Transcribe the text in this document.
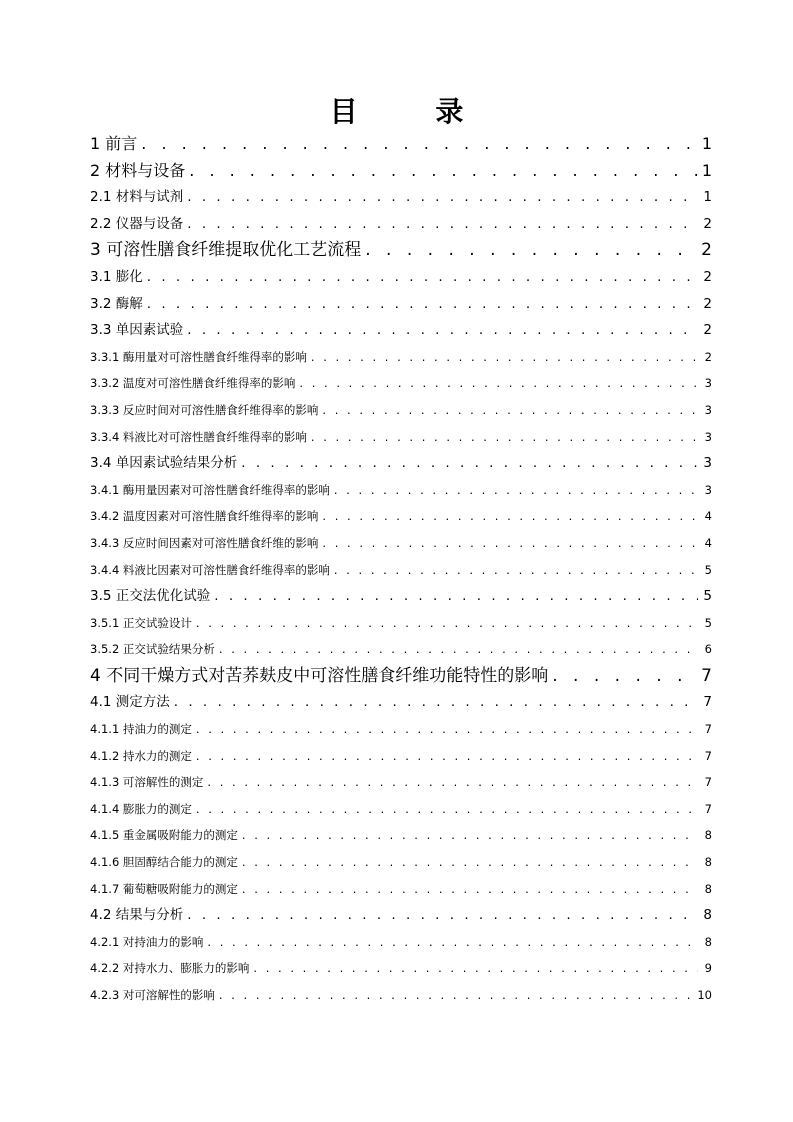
目 录
1 前言 . . .	1
2 材料与设备 . . .	1
2.1 材料与试剂 . . .	1
2.2 仪器与设备 . . .	2
3 可溶性膳食纤维提取优化工艺流程 . . .	2
3.1 膨化 . . .	2
3.2 酶解 . . .	2
3.3 单因素试验 . . .	2
3.3.1 酶用量对可溶性膳食纤维得率的影响 . . .	2
3.3.2 温度对可溶性膳食纤维得率的影响 . . .	3
3.3.3 反应时间对可溶性膳食纤维得率的影响 . . .	3
3.3.4 料液比对可溶性膳食纤维得率的影响 . . .	3
3.4 单因素试验结果分析 . . .	3
3.4.1 酶用量因素对可溶性膳食纤维得率的影响 . . .	3
3.4.2 温度因素对可溶性膳食纤维得率的影响 . . .	4
3.4.3 反应时间因素对可溶性膳食纤维的影响 . . .	4
3.4.4 料液比因素对可溶性膳食纤维得率的影响 . . .	5
3.5 正交法优化试验 . . .	5
3.5.1 正交试验设计 . . .	5
3.5.2 正交试验结果分析 . . .	6
4 不同干燥方式对苦荞麸皮中可溶性膳食纤维功能特性的影响 . . .	7
4.1 测定方法 . . .	7
4.1.1 持油力的测定 . . .	7
4.1.2 持水力的测定 . . .	7
4.1.3 可溶解性的测定 . . .	7
4.1.4 膨胀力的测定 . . .	7
4.1.5 重金属吸附能力的测定 . . .	8
4.1.6 胆固醇结合能力的测定 . . .	8
4.1.7 葡萄糖吸附能力的测定 . . .	8
4.2 结果与分析 . . .	8
4.2.1 对持油力的影响 . . .	8
4.2.2 对持水力、膨胀力的影响 . . .	9
4.2.3 对可溶解性的影响 . . .	10
